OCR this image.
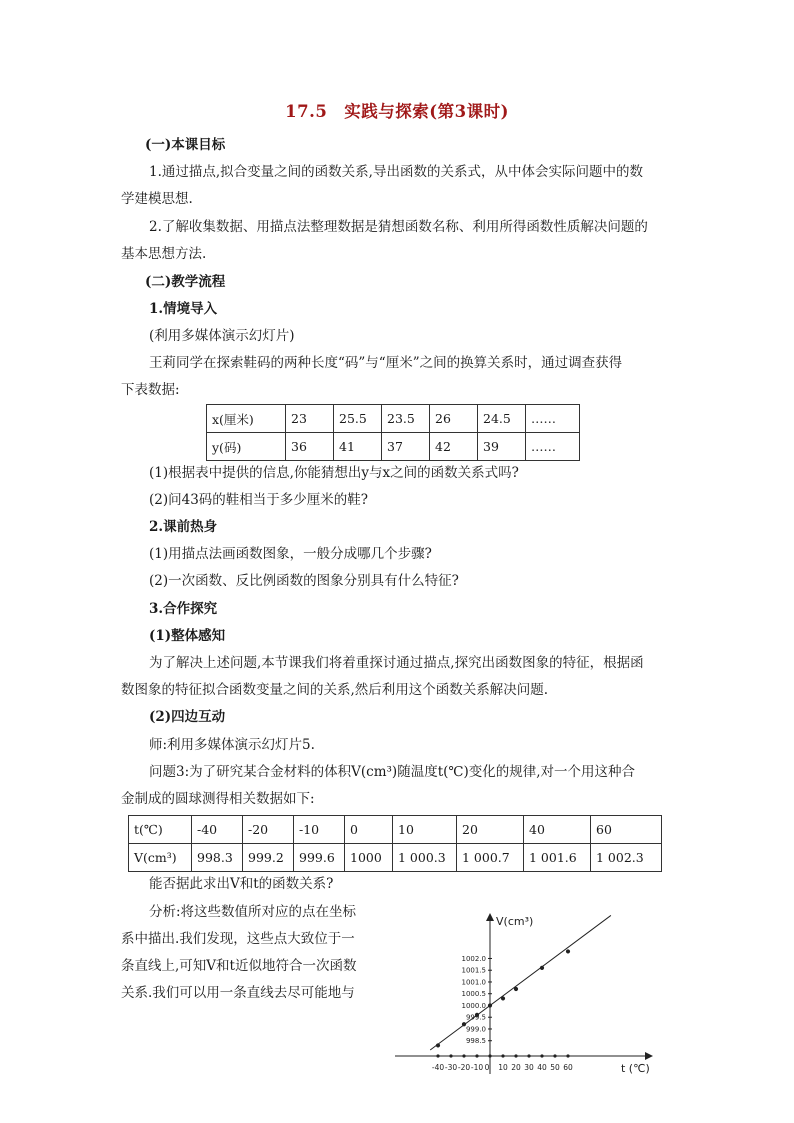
17.5　实践与探索(第3课时)
(一)本课目标
1.通过描点,拟合变量之间的函数关系,导出函数的关系式，从中体会实际问题中的数
学建模思想.
2.了解收集数据、用描点法整理数据是猜想函数名称、利用所得函数性质解决问题的
基本思想方法.
(二)教学流程
1.情境导入
(利用多媒体演示幻灯片)
王莉同学在探索鞋码的两种长度“码”与“厘米”之间的换算关系时，通过调查获得
下表数据:
x(厘米)	23	25.5	23.5	26	24.5	……
y(码)	36	41	37	42	39	……
(1)根据表中提供的信息,你能猜想出y与x之间的函数关系式吗?
(2)问43码的鞋相当于多少厘米的鞋?
2.课前热身
(1)用描点法画函数图象，一般分成哪几个步骤?
(2)一次函数、反比例函数的图象分别具有什么特征?
3.合作探究
(1)整体感知
为了解决上述问题,本节课我们将着重探讨通过描点,探究出函数图象的特征，根据函
数图象的特征拟合函数变量之间的关系,然后利用这个函数关系解决问题.
(2)四边互动
师:利用多媒体演示幻灯片5.
问题3:为了研究某合金材料的体积V(cm³)随温度t(℃)变化的规律,对一个用这种合
金制成的圆球测得相关数据如下:
t(℃)	-40	-20	-10	0	10	20	40	60
V(cm³)	998.3	999.2	999.6	1000	1 000.3	1 000.7	1 001.6	1 002.3
能否据此求出V和t的函数关系?
分析:将这些数值所对应的点在坐标
系中描出.我们发现，这些点大致位于一
条直线上,可知V和t近似地符合一次函数
关系.我们可以用一条直线去尽可能地与
-40 -30 -20 -10 0 10 20 30 40 50 60
998.5
999.0
999.5
1000.0
1000.5
1001.0
1001.5
1002.0
V(cm³)
t (℃)
